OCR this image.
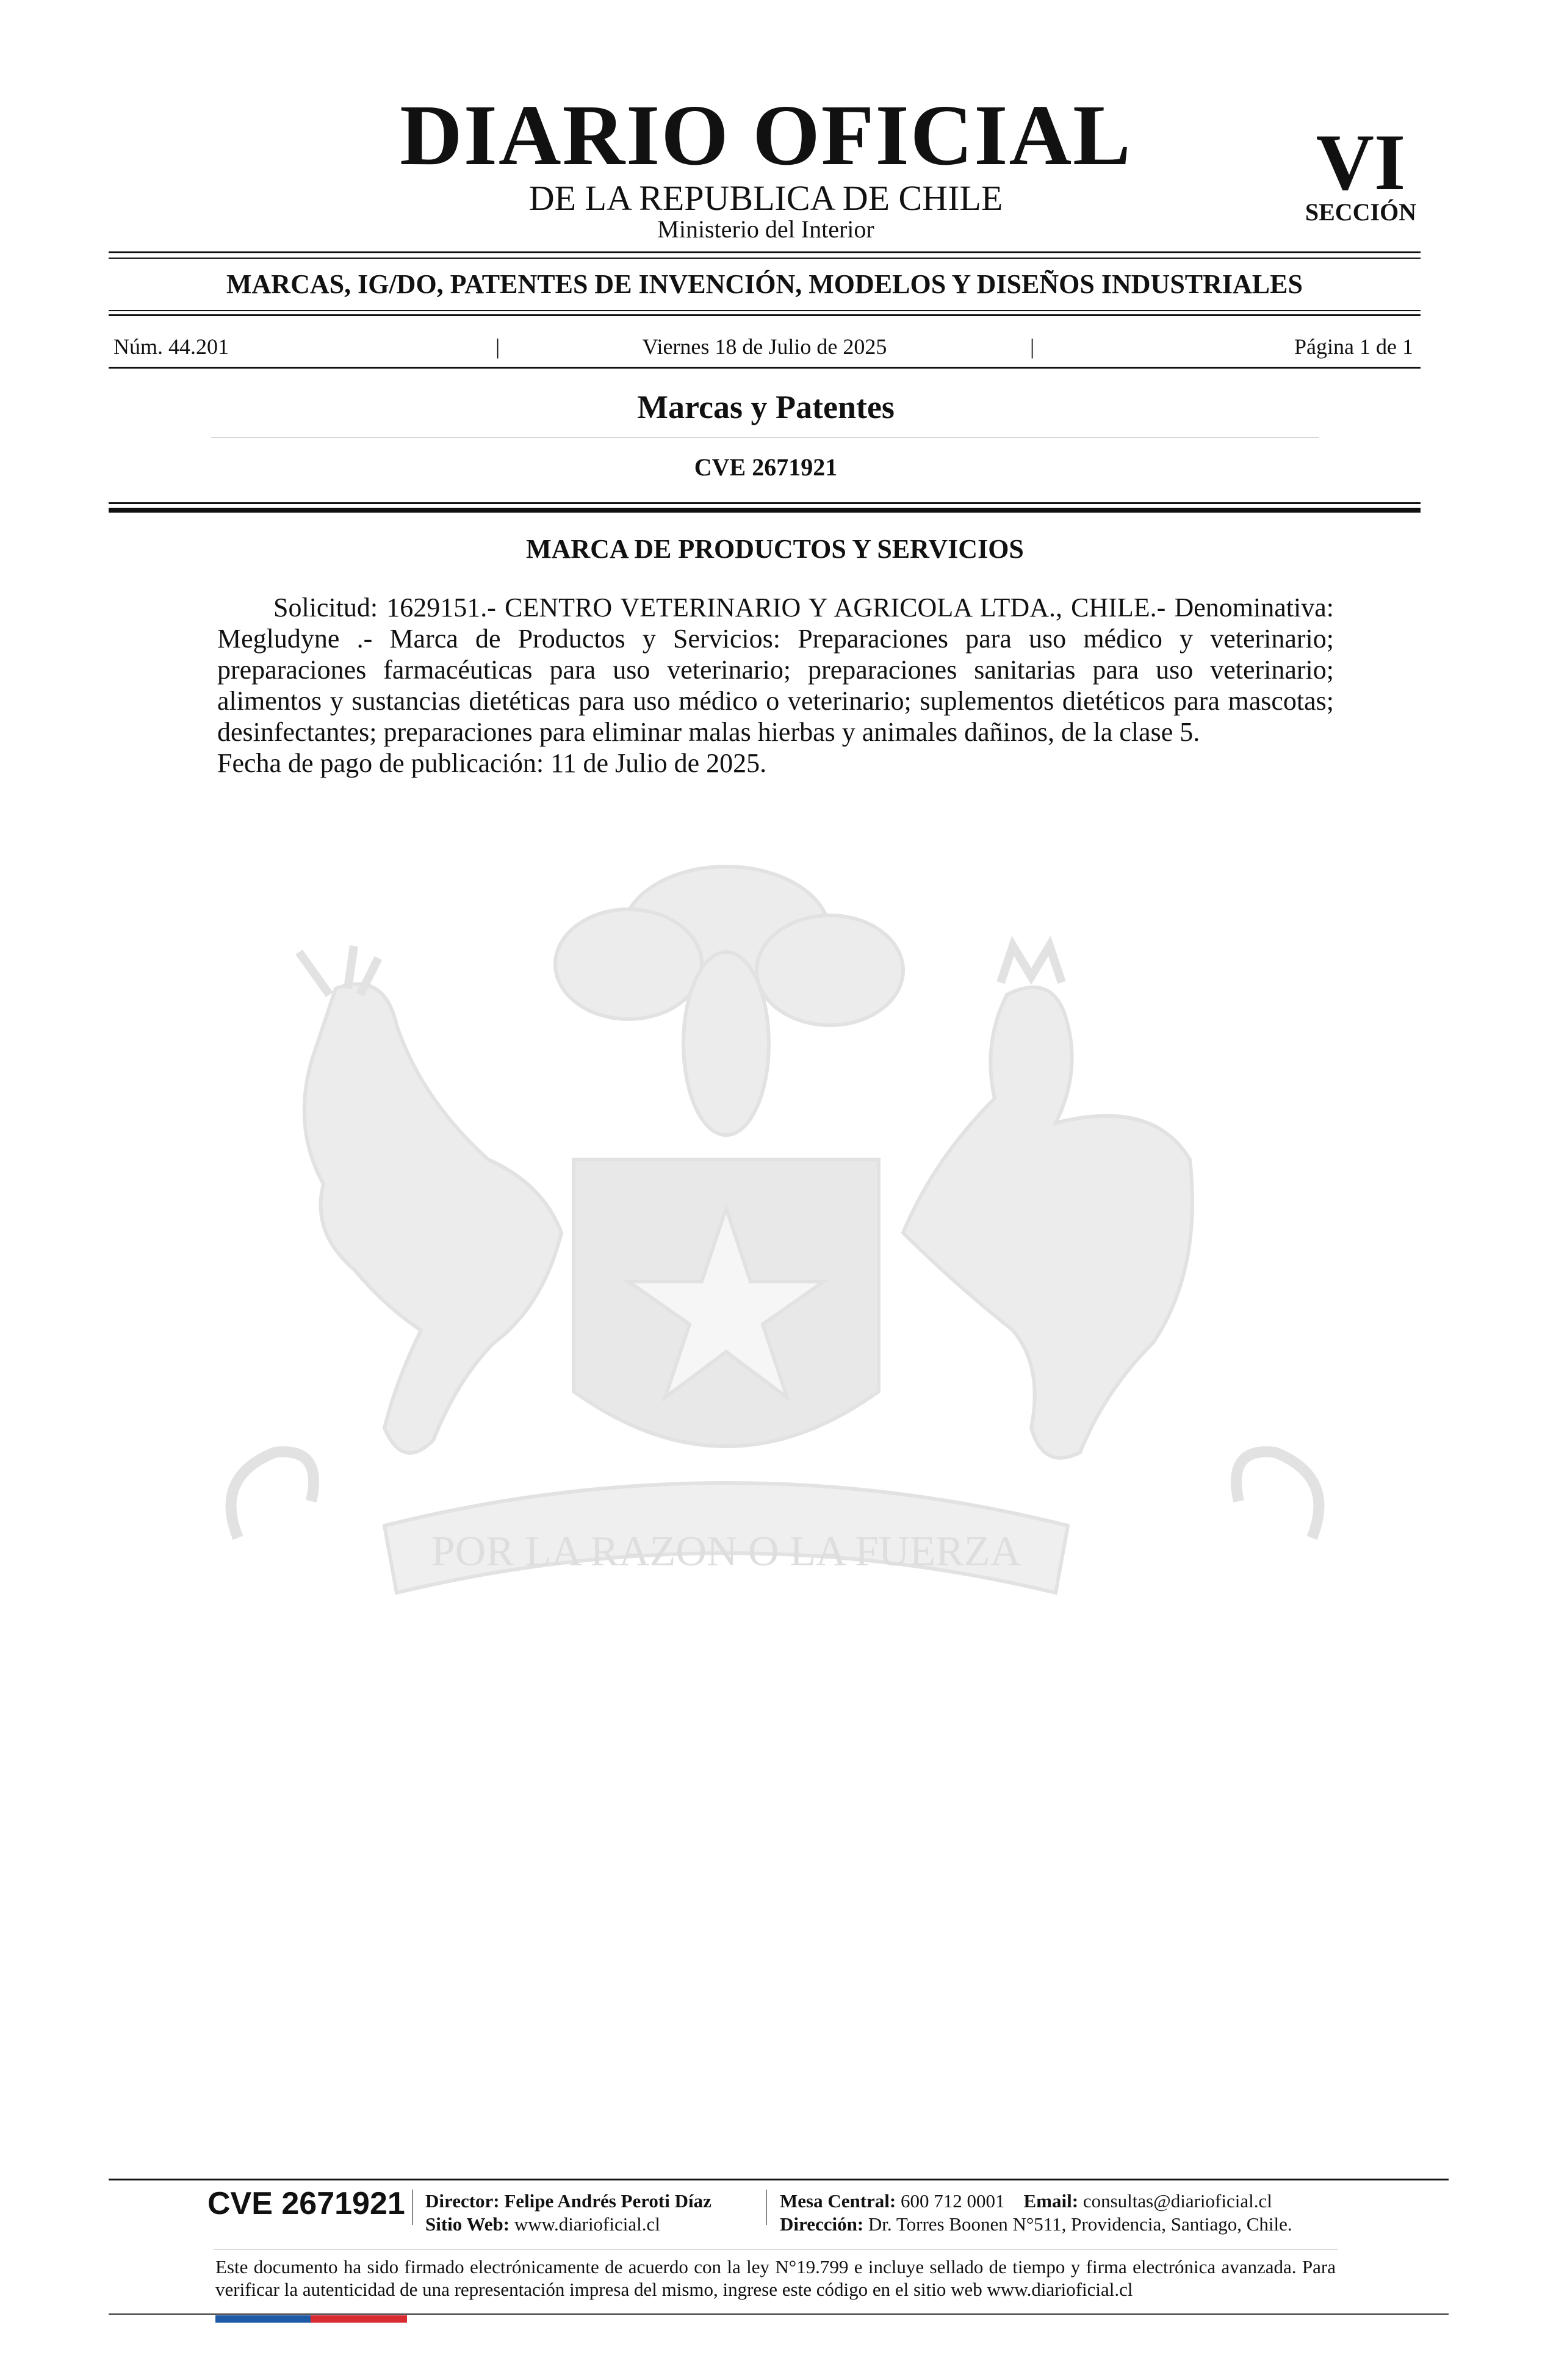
DIARIO OFICIAL
DE LA REPUBLICA DE CHILE
Ministerio del Interior
VI
SECCIÓN
MARCAS, IG/DO, PATENTES DE INVENCIÓN, MODELOS Y DISEÑOS INDUSTRIALES
Núm. 44.201	|	Viernes 18 de Julio de 2025	|	Página 1 de 1
Marcas y Patentes
CVE 2671921
POR LA RAZON O LA FUERZA
MARCA DE PRODUCTOS Y SERVICIOS

Solicitud: 1629151.- CENTRO VETERINARIO Y AGRICOLA LTDA., CHILE.- Denominativa: Megludyne .- Marca de Productos y Servicios: Preparaciones para uso médico y veterinario; preparaciones farmacéuticas para uso veterinario; preparaciones sanitarias para uso veterinario; alimentos y sustancias dietéticas para uso médico o veterinario; suplementos dietéticos para mascotas; desinfectantes; preparaciones para eliminar malas hierbas y animales dañinos, de la clase 5.

Fecha de pago de publicación: 11 de Julio de 2025.

CVE 2671921 Director: Felipe Andrés Peroti Díaz
Sitio Web: www.diarioficial.cl
Mesa Central: 600 712 0001 Email: consultas@diarioficial.cl
Dirección: Dr. Torres Boonen N°511, Providencia, Santiago, Chile.
Este documento ha sido firmado electrónicamente de acuerdo con la ley N°19.799 e incluye sellado de tiempo y firma electrónica avanzada. Para verificar la autenticidad de una representación impresa del mismo, ingrese este código en el sitio web www.diarioficial.cl
